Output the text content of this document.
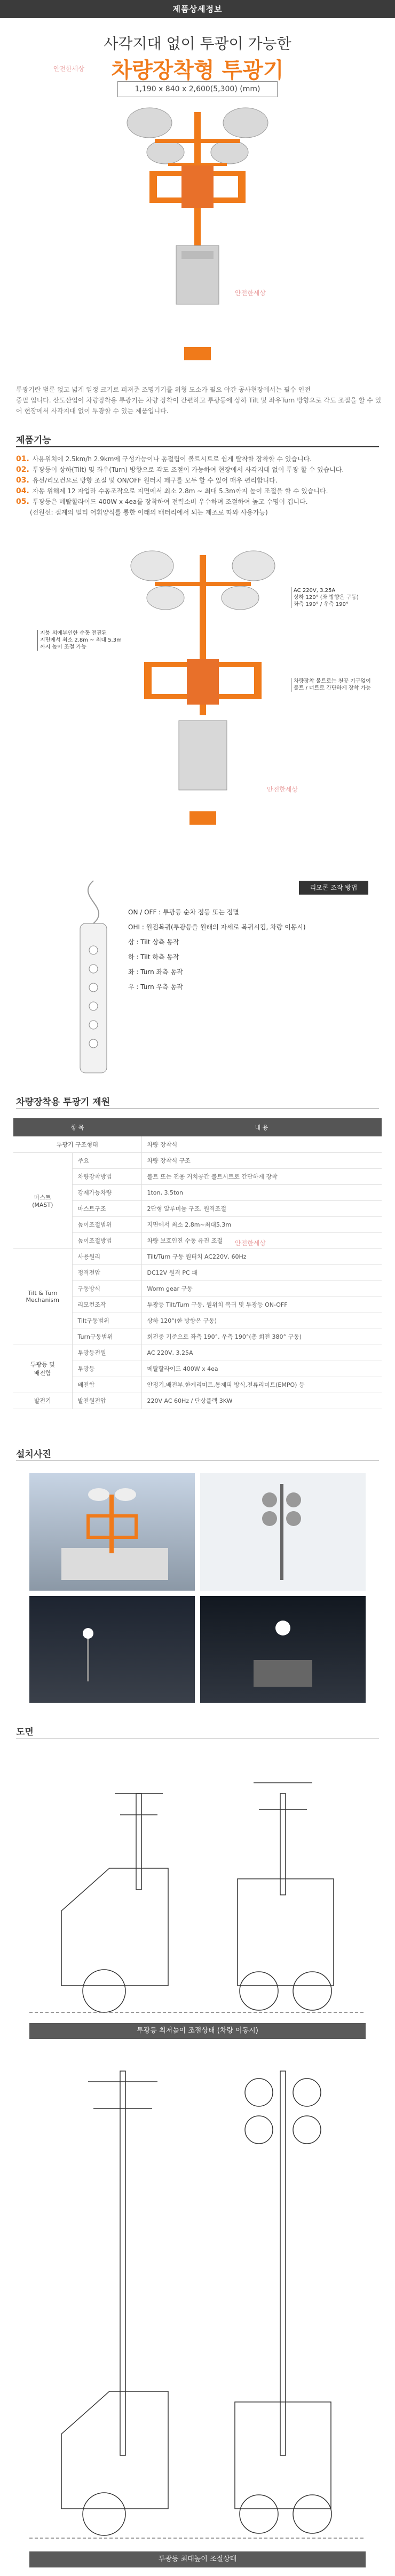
제품상세정보
사각지대 없이 투광이 가능한
차량장착형 투광기
1,190 x 840 x 2,600(5,300) (mm)
안전한세상
안전한세상

투광기란 벌룬 없고 넓게 일정 크기로 퍼져준 조명기기를 위형 도소가 필요 야간 공사현장에서는 필수 인전

중필 입니다. 산도산업이 차량장착용 투광기는 차량 장착이 간편하고 투광등에 상하 Tilt 및 좌우Turn 방향으로 각도 조절을 할 수 있어 현장에서 사각지대 없이 투광할 수 있는 제품입니다.

제품기능
01. 사용위치에 2.5km/h 2.9km에 구성가능이나 동절립이 볼트시트로 쉽게 탈착할 장착할 수 있습니다.
02. 투광등이 상하(Tilt) 및 좌우(Turn) 방향으로 각도 조절이 가능하여 현장에서 사각지대 없이 투광 할 수 있습니다.
03. 유선/리모컨으로 방향 조절 및 ON/OFF 원터치 페구를 모두 할 수 있어 매우 편리합니다.
04. 자동 위해제 12 자업라 수동조작으로 지면에서 최소 2.8m ~ 최대 5.3m까지 높이 조절을 할 수 있습니다.
05. 투광등은 메탈할라이드 400W x 4ea를 장착하여 전력소비 우수하며 조절하여 높고 수명이 깁니다.
(전원선: 절계의 멀티 어휘양식를 통한 이래의 배터리에서 되는 제조로 따와 사용가능)
AC 220V, 3.25A
상하 120° (좌 방향은 구동)
좌측 190° / 우측 190°
지붕 외에부인한 수동 전진된
지면에서 최소 2.8m ~ 최대 5.3m
까지 높이 조절 가능
차량장착 볼트로는 천공 기구없이
볼트 / 너트로 간단하게 장착 가능
안전한세상
리모콘 조작 방법
ON / OFF : 투광등 순차 점등 또는 점멸
OHI : 원점복귀(투광등을 원래의 자세로 복귀시킴, 차량 이동시)
상 : Tilt 상측 동작
하 : Tilt 하측 동작
좌 : Turn 좌측 동작
우 : Turn 우측 동작
차량장착용 투광기 제원
항 목		내 용
투광기 구조형태		차량 장착식
마스트
(MAST)	주요	차량 장착식 구조
	차량장착방법	볼트 또는 전용 거치공간 볼트시트로 간단하게 장착
	강제가능차량	1ton, 3.5ton
	마스트구조	2단형 알루미늄 구조, 원격조절
	높이조절범위	지면에서 최소 2.8m~최대5.3m
	높이조절방법	차량 보호인진 수동 유진 조절
Tilt & Turn
Mechanism	사용원리	Tilt/Turn 구동 원터치 AC220V, 60Hz
	정격전압	DC12V 원격 PC 패
	구동방식	Worm gear 구동
	리모컨조작	투광등 Tilt/Turn 구동, 원위치 복귀 및 투광등 ON-OFF
	Tilt구동범위	상하 120°(한 방향은 구동)
	Turn구동범위	회전중 기준으로 좌측 190°, 우측 190°(총 회전 380° 구동)
투광등 및
배전함	투광등전원	AC 220V, 3.25A
	투광등	메탈할라이드 400W x 4ea
	배전함	안정기,배전부,한계리미트,통제피 방식,전류리미트(EMPO) 등
발전기	발전원전압	220V AC 60Hz / 단상플렉 3KW
안전한세상
설치사진
도면
투광등 최저높이 조절상태 (차량 이동시)
투광등 최대높이 조절상태
